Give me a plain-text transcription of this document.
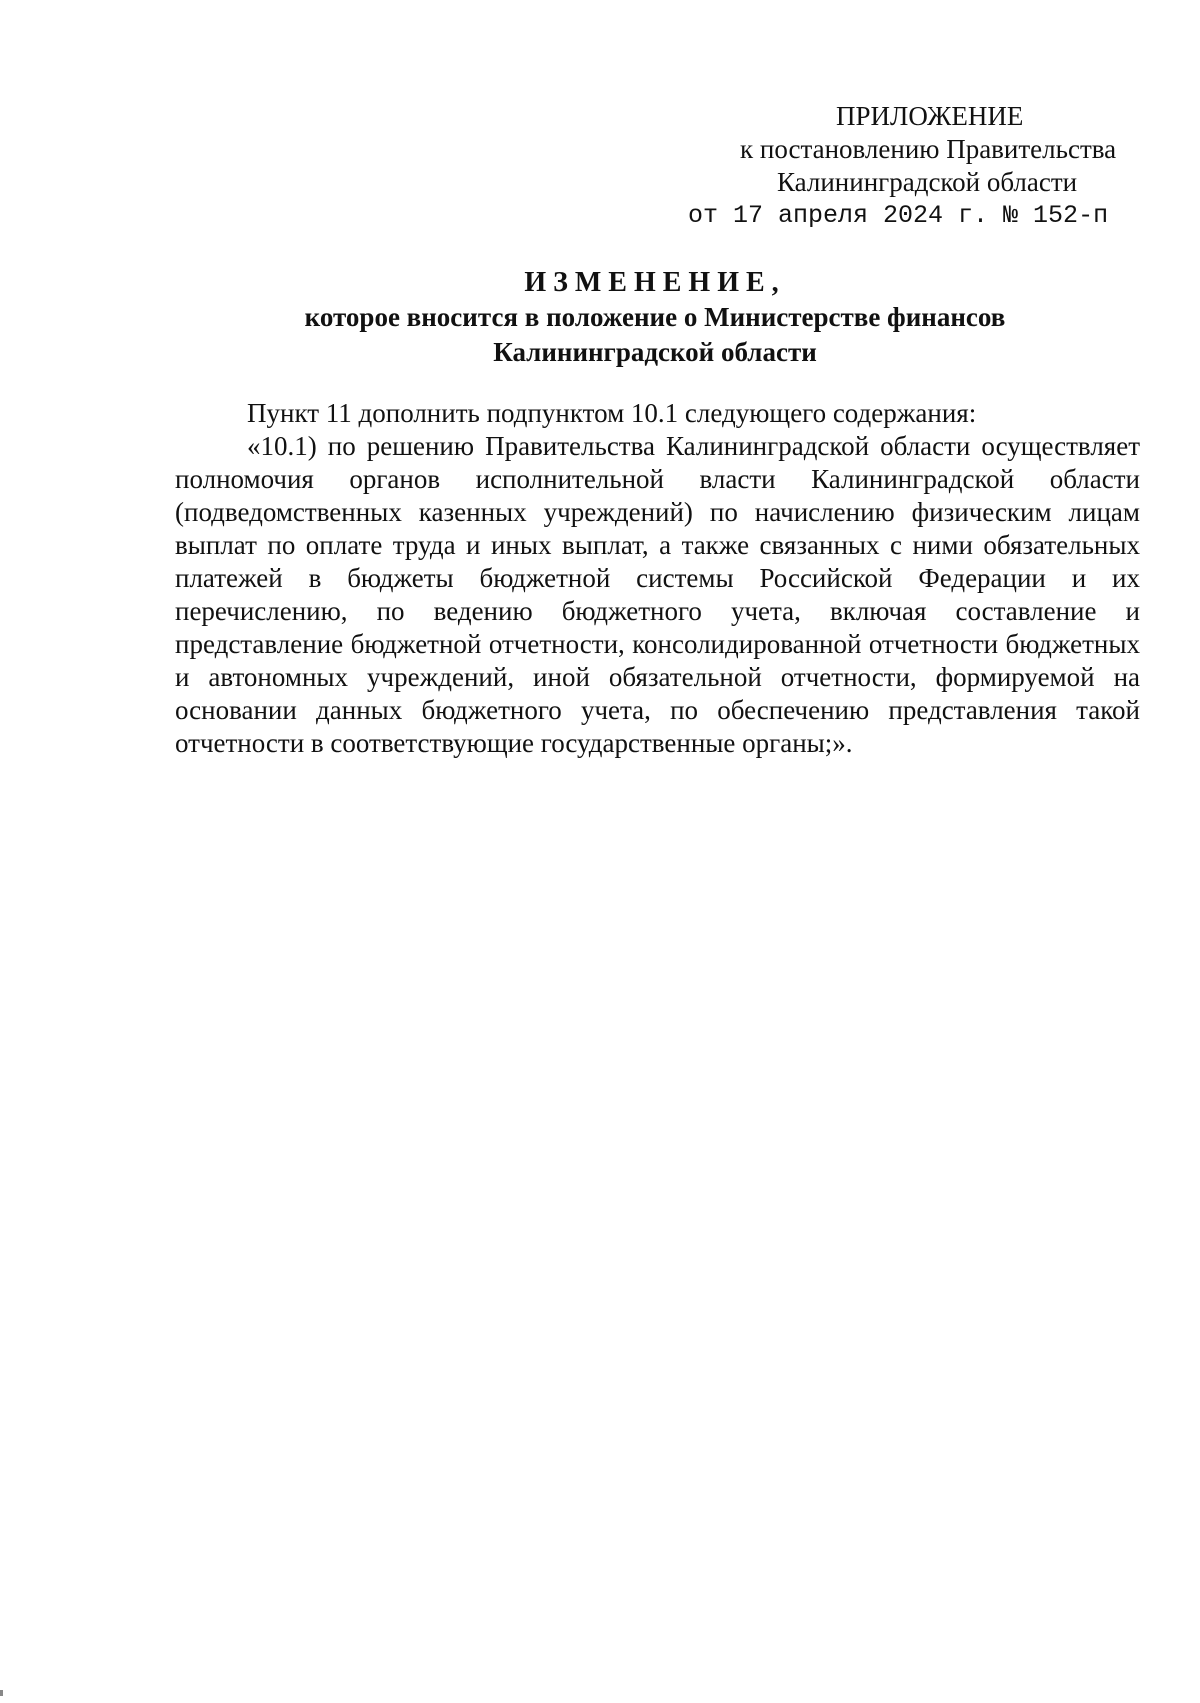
ПРИЛОЖЕНИЕ
к постановлению Правительства
Калининградской области
от 17 апреля 2024 г. № 152-п
ИЗМЕНЕНИЕ,
которое вносится в положение о Министерстве финансов
Калининградской области

Пункт 11 дополнить подпунктом 10.1 следующего содержания:

«10.1) по решению Правительства Калининградской области осуществляет полномочия органов исполнительной власти Калининградской области (подведомственных казенных учреждений) по начислению физическим лицам выплат по оплате труда и иных выплат, а также связанных с ними обязательных платежей в бюджеты бюджетной системы Российской Федерации и их перечислению, по ведению бюджетного учета, включая составление и представление бюджетной отчетности, консолидированной отчетности бюджетных и автономных учреждений, иной обязательной отчетности, формируемой на основании данных бюджетного учета, по обеспечению представления такой отчетности в соответствующие государственные органы;».
